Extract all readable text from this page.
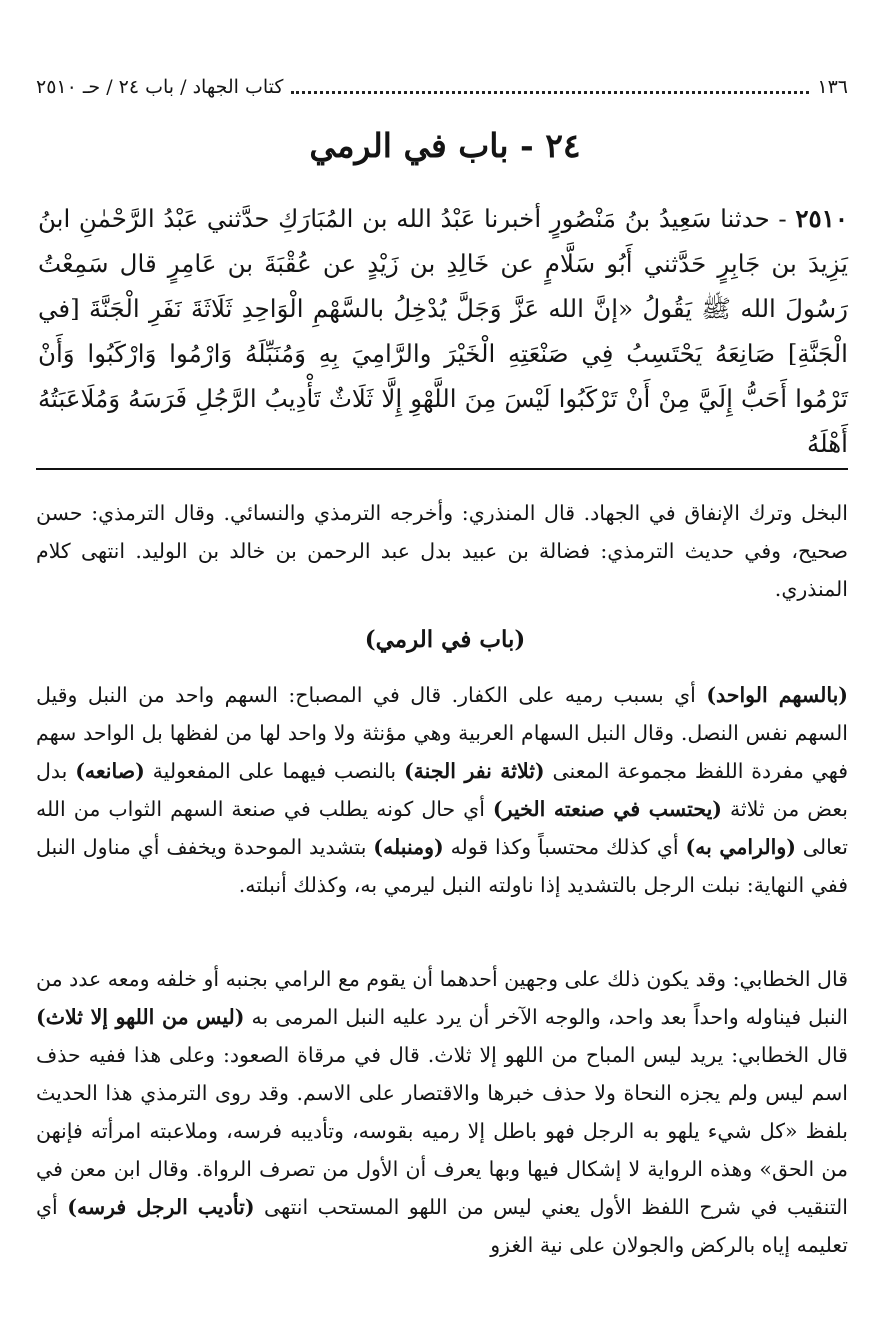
١٣٦
كتاب الجهاد / باب ٢٤ / حـ ٢٥١٠
٢٤ - باب في الرمي
٢٥١٠ - حدثنا سَعِيدُ بنُ مَنْصُورٍ أخبرنا عَبْدُ الله بن المُبَارَكِ حدَّثني عَبْدُ الرَّحْمٰنِ ابنُ يَزِيدَ بن جَابِرٍ حَدَّثني أَبُو سَلَّامٍ عن خَالِدِ بن زَيْدٍ عن عُقْبَةَ بن عَامِرٍ قال سَمِعْتُ رَسُولَ الله ﷺ يَقُولُ «إنَّ الله عَزَّ وَجَلَّ يُدْخِلُ بالسَّهْمِ الْوَاحِدِ ثَلَاثَةَ نَفَرِ الْجَنَّةَ [في الْجَنَّةِ] صَانِعَهُ يَحْتَسِبُ فِي صَنْعَتِهِ الْخَيْرَ والرَّامِيَ بِهِ وَمُنَبِّلَهُ وَارْمُوا وَارْكَبُوا وَأَنْ تَرْمُوا أَحَبُّ إِلَيَّ مِنْ أَنْ تَرْكَبُوا لَيْسَ مِنَ اللَّهْوِ إِلَّا ثَلَاثٌ تَأْدِيبُ الرَّجُلِ فَرَسَهُ وَمُلَاعَبَتُهُ أَهْلَهُ

البخل وترك الإنفاق في الجهاد. قال المنذري: وأخرجه الترمذي والنسائي. وقال الترمذي: حسن صحيح، وفي حديث الترمذي: فضالة بن عبيد بدل عبد الرحمن بن خالد بن الوليد. انتهى كلام المنذري.

(باب في الرمي)

(بالسهم الواحد) أي بسبب رميه على الكفار. قال في المصباح: السهم واحد من النبل وقيل السهم نفس النصل. وقال النبل السهام العربية وهي مؤنثة ولا واحد لها من لفظها بل الواحد سهم فهي مفردة اللفظ مجموعة المعنى (ثلاثة نفر الجنة) بالنصب فيهما على المفعولية (صانعه) بدل بعض من ثلاثة (يحتسب في صنعته الخير) أي حال كونه يطلب في صنعة السهم الثواب من الله تعالى (والرامي به) أي كذلك محتسباً وكذا قوله (ومنبله) بتشديد الموحدة ويخفف أي مناول النبل ففي النهاية: نبلت الرجل بالتشديد إذا ناولته النبل ليرمي به، وكذلك أنبلته.

قال الخطابي: وقد يكون ذلك على وجهين أحدهما أن يقوم مع الرامي بجنبه أو خلفه ومعه عدد من النبل فيناوله واحداً بعد واحد، والوجه الآخر أن يرد عليه النبل المرمى به (ليس من اللهو إلا ثلاث) قال الخطابي: يريد ليس المباح من اللهو إلا ثلاث. قال في مرقاة الصعود: وعلى هذا ففيه حذف اسم ليس ولم يجزه النحاة ولا حذف خبرها والاقتصار على الاسم. وقد روى الترمذي هذا الحديث بلفظ «كل شيء يلهو به الرجل فهو باطل إلا رميه بقوسه، وتأديبه فرسه، وملاعبته امرأته فإنهن من الحق» وهذه الرواية لا إشكال فيها وبها يعرف أن الأول من تصرف الرواة. وقال ابن معن في التنقيب في شرح اللفظ الأول يعني ليس من اللهو المستحب انتهى (تأديب الرجل فرسه) أي تعليمه إياه بالركض والجولان على نية الغزو
